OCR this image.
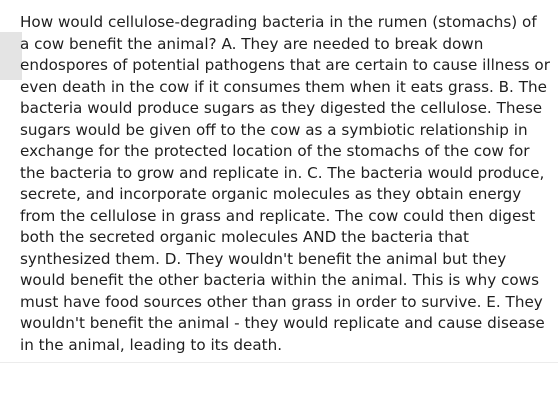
How would cellulose-degrading bacteria in the rumen (stomachs) of a cow benefit the animal? A. They are needed to break down endospores of potential pathogens that are certain to cause illness or even death in the cow if it consumes them when it eats grass. B. The bacteria would produce sugars as they digested the cellulose. These sugars would be given off to the cow as a symbiotic relationship in exchange for the protected location of the stomachs of the cow for the bacteria to grow and replicate in. C. The bacteria would produce, secrete, and incorporate organic molecules as they obtain energy from the cellulose in grass and replicate. The cow could then digest both the secreted organic molecules AND the bacteria that synthesized them. D. They wouldn't benefit the animal but they would benefit the other bacteria within the animal. This is why cows must have food sources other than grass in order to survive. E. They wouldn't benefit the animal - they would replicate and cause disease in the animal, leading to its death.
